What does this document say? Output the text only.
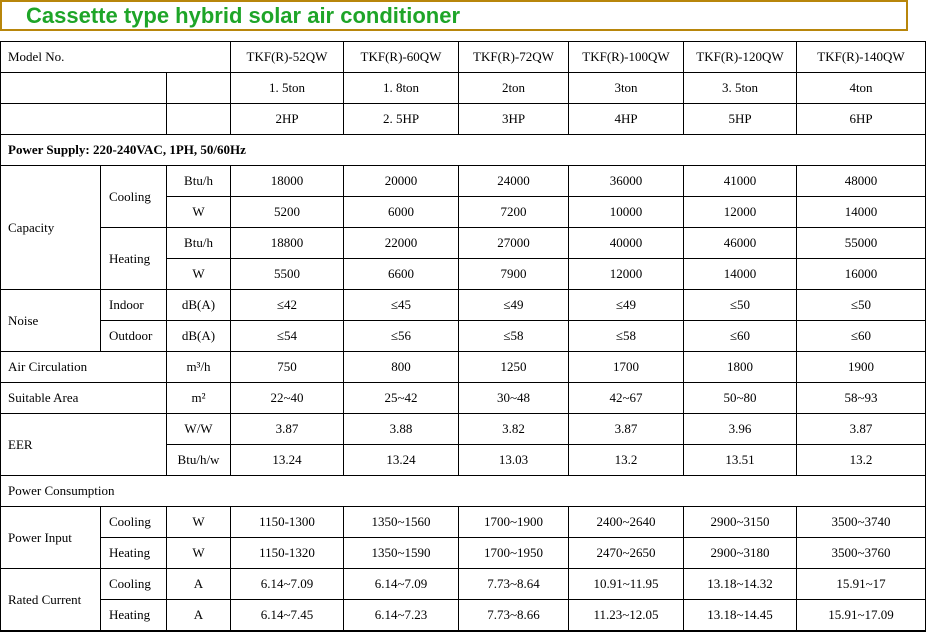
Cassette type hybrid solar air conditioner
Model No.			TKF(R)-52QW	TKF(R)-60QW	TKF(R)-72QW	TKF(R)-100QW	TKF(R)-120QW	TKF(R)-140QW
			1. 5ton	1. 8ton	2ton	3ton	3. 5ton	4ton
			2HP	2. 5HP	3HP	4HP	5HP	6HP
Power Supply: 220-240VAC, 1PH, 50/60Hz								
Capacity	Cooling	Btu/h	18000	20000	24000	36000	41000	48000
		W	5200	6000	7200	10000	12000	14000
	Heating	Btu/h	18800	22000	27000	40000	46000	55000
		W	5500	6600	7900	12000	14000	16000
Noise	Indoor	dB(A)	≤42	≤45	≤49	≤49	≤50	≤50
	Outdoor	dB(A)	≤54	≤56	≤58	≤58	≤60	≤60
Air Circulation		m³/h	750	800	1250	1700	1800	1900
Suitable Area		m²	22~40	25~42	30~48	42~67	50~80	58~93
EER		W/W	3.87	3.88	3.82	3.87	3.96	3.87
		Btu/h/w	13.24	13.24	13.03	13.2	13.51	13.2
Power Consumption								
Power Input	Cooling	W	1150-1300	1350~1560	1700~1900	2400~2640	2900~3150	3500~3740
	Heating	W	1150-1320	1350~1590	1700~1950	2470~2650	2900~3180	3500~3760
Rated Current	Cooling	A	6.14~7.09	6.14~7.09	7.73~8.64	10.91~11.95	13.18~14.32	15.91~17
	Heating	A	6.14~7.45	6.14~7.23	7.73~8.66	11.23~12.05	13.18~14.45	15.91~17.09
